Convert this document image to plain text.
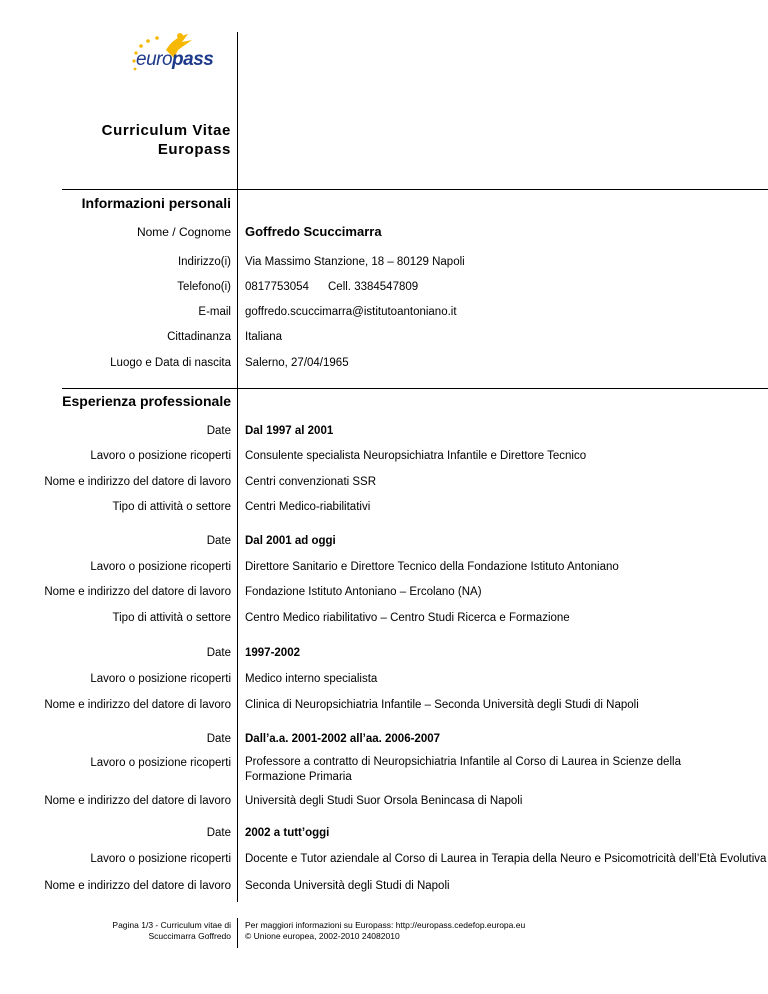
europass
Curriculum Vitae
Europass
Informazioni personali
Nome / Cognome Goffredo Scuccimarra
Indirizzo(i) Via Massimo Stanzione, 18 – 80129 Napoli
Telefono(i) 0817753054 Cell. 3384547809
E-mail goffredo.scuccimarra@istitutoantoniano.it
Cittadinanza Italiana
Luogo e Data di nascita Salerno, 27/04/1965
Esperienza professionale
Date Dal 1997 al 2001
Lavoro o posizione ricoperti Consulente specialista Neuropsichiatra Infantile e Direttore Tecnico
Nome e indirizzo del datore di lavoro Centri convenzionati SSR
Tipo di attività o settore Centri Medico-riabilitativi
Date Dal 2001 ad oggi
Lavoro o posizione ricoperti Direttore Sanitario e Direttore Tecnico della Fondazione Istituto Antoniano
Nome e indirizzo del datore di lavoro Fondazione Istituto Antoniano – Ercolano (NA)
Tipo di attività o settore Centro Medico riabilitativo – Centro Studi Ricerca e Formazione
Date 1997-2002
Lavoro o posizione ricoperti Medico interno specialista
Nome e indirizzo del datore di lavoro Clinica di Neuropsichiatria Infantile – Seconda Università degli Studi di Napoli
Date Dall’a.a. 2001-2002 all’aa. 2006-2007
Lavoro o posizione ricoperti Professore a contratto di Neuropsichiatria Infantile al Corso di Laurea in Scienze della Formazione Primaria
Nome e indirizzo del datore di lavoro Università degli Studi Suor Orsola Benincasa di Napoli
Date 2002 a tutt’oggi
Lavoro o posizione ricoperti Docente e Tutor aziendale al Corso di Laurea in Terapia della Neuro e Psicomotricità dell’Età Evolutiva
Nome e indirizzo del datore di lavoro Seconda Università degli Studi di Napoli
Pagina 1/3 - Curriculum vitae di
Scuccimarra Goffredo
Per maggiori informazioni su Europass: http://europass.cedefop.europa.eu
© Unione europea, 2002-2010 24082010
